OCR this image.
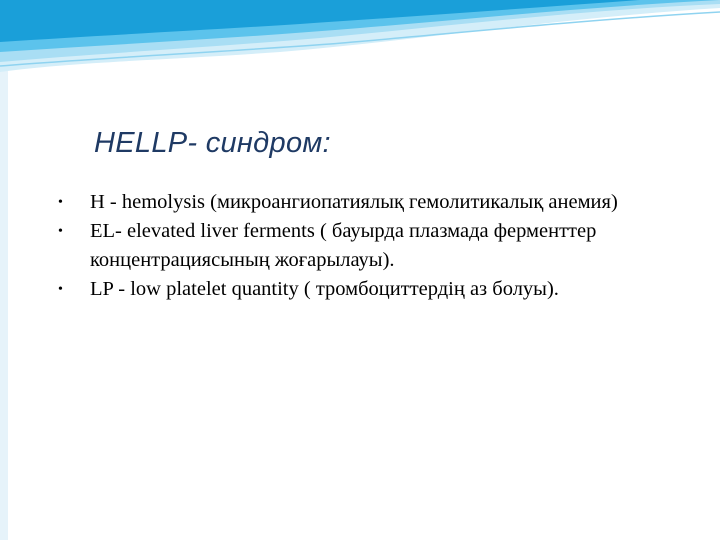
HELLP- синдром:
• H - hemolysis (микроангиопатиялық гемолитикалық анемия)
• EL- elevated liver ferments ( бауырда плазмада ферменттер концентрациясының жоғарылауы).
• LP - low platelet quantity ( тромбоциттердің аз болуы).
